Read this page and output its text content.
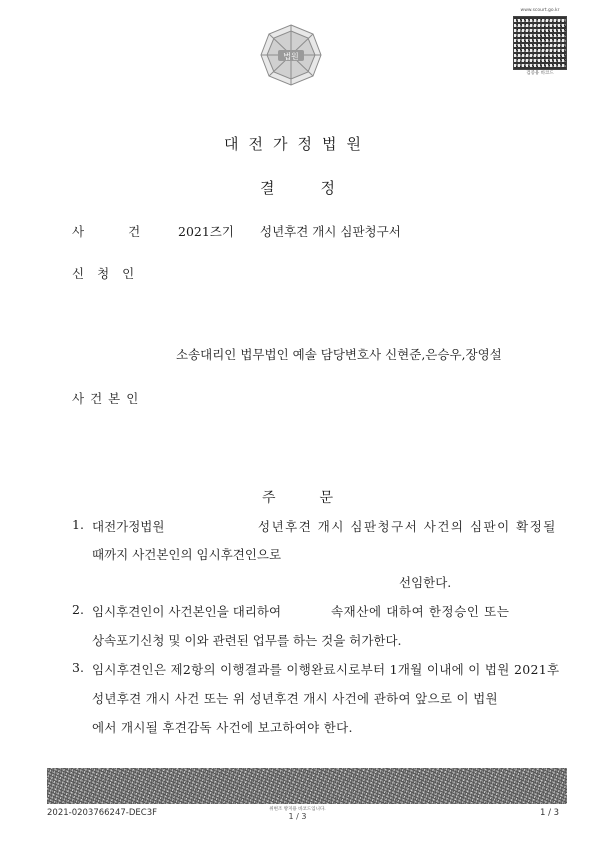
법원
www.scourt.go.kr
검증용 바코드
대전가정법원
결정
사건
2021즈기 성년후견 개시 심판청구서
신청인
소송대리인 법무법인 예솔 담당변호사 신현준,은승우,장영설
사건본인
주문
1. 대전가정법원	성년후견 개시 심판청구서 사건의 심판이 확정될
때까지 사건본인의 임시후견인으로
선임한다.
2. 임시후견인이 사건본인을 대리하여	속재산에 대하여 한정승인 또는
상속포기신청 및 이와 관련된 업무를 하는 것을 허가한다.
3. 임시후견인은 제2항의 이행결과를 이행완료시로부터 1개월 이내에 이 법원 2021후
성년후견 개시 사건 또는 위 성년후견 개시 사건에 관하여 앞으로 이 법원
에서 개시될 후견감독 사건에 보고하여야 한다.
2021-0203766247-DEC3F	위변조 방지용 바코드입니다.
1 / 3	1 / 3
